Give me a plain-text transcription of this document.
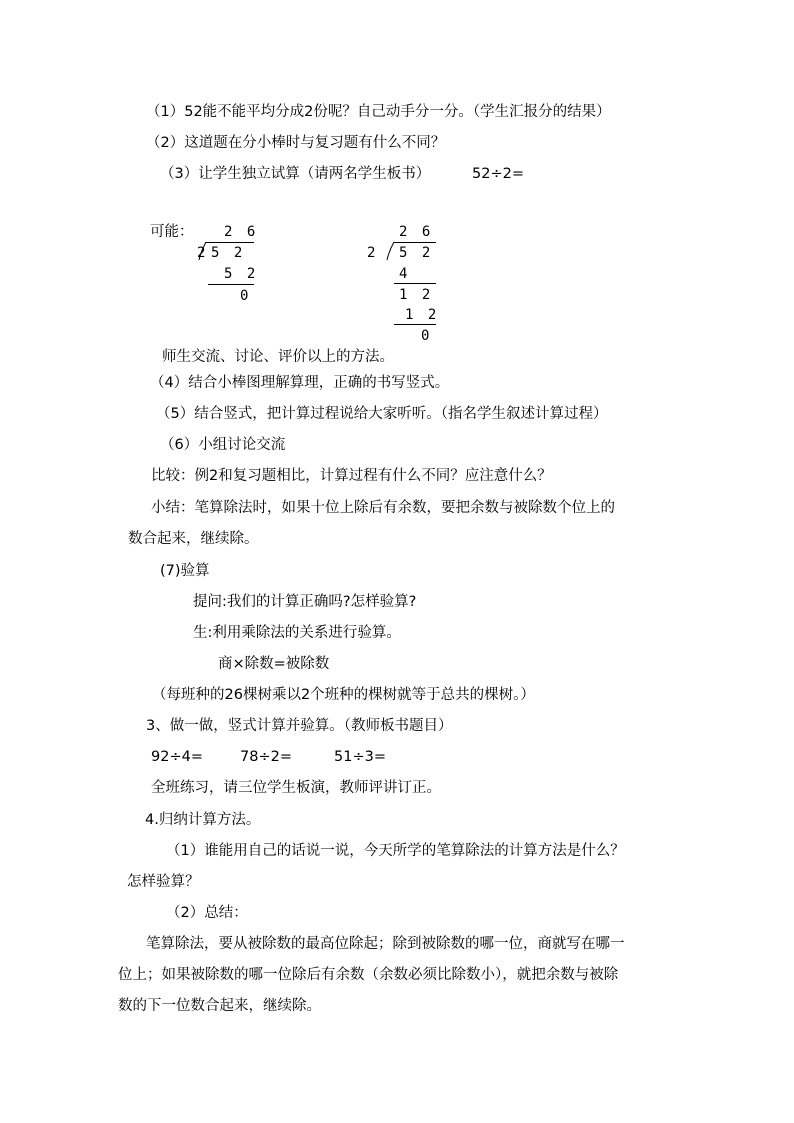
（1）52能不能平均分成2份呢？自己动手分一分。（学生汇报分的结果）
（2）这道题在分小棒时与复习题有什么不同？
（3）让学生独立试算（请两名学生板书）	52÷2=
可能： 2 6
2 5 2
5 2
0
2 6
2 5 2
4
1 2
1 2
0
师生交流、讨论、评价以上的方法。
（4）结合小棒图理解算理，正确的书写竖式。
（5）结合竖式，把计算过程说给大家听听。（指名学生叙述计算过程）
（6）小组讨论交流
比较：例2和复习题相比，计算过程有什么不同？应注意什么？
小结：笔算除法时，如果十位上除后有余数，要把余数与被除数个位上的
数合起来，继续除。
(7)验算
提问:我们的计算正确吗?怎样验算?
生:利用乘除法的关系进行验算。
商×除数=被除数
（每班种的26棵树乘以2个班种的棵树就等于总共的棵树。）
3、做一做，竖式计算并验算。（教师板书题目）
92÷4=	78÷2=	51÷3=
全班练习，请三位学生板演，教师评讲订正。
4.归纳计算方法。
（1）谁能用自己的话说一说，今天所学的笔算除法的计算方法是什么？
怎样验算？
（2）总结：
笔算除法，要从被除数的最高位除起；除到被除数的哪一位，商就写在哪一
位上；如果被除数的哪一位除后有余数（余数必须比除数小），就把余数与被除
数的下一位数合起来，继续除。
